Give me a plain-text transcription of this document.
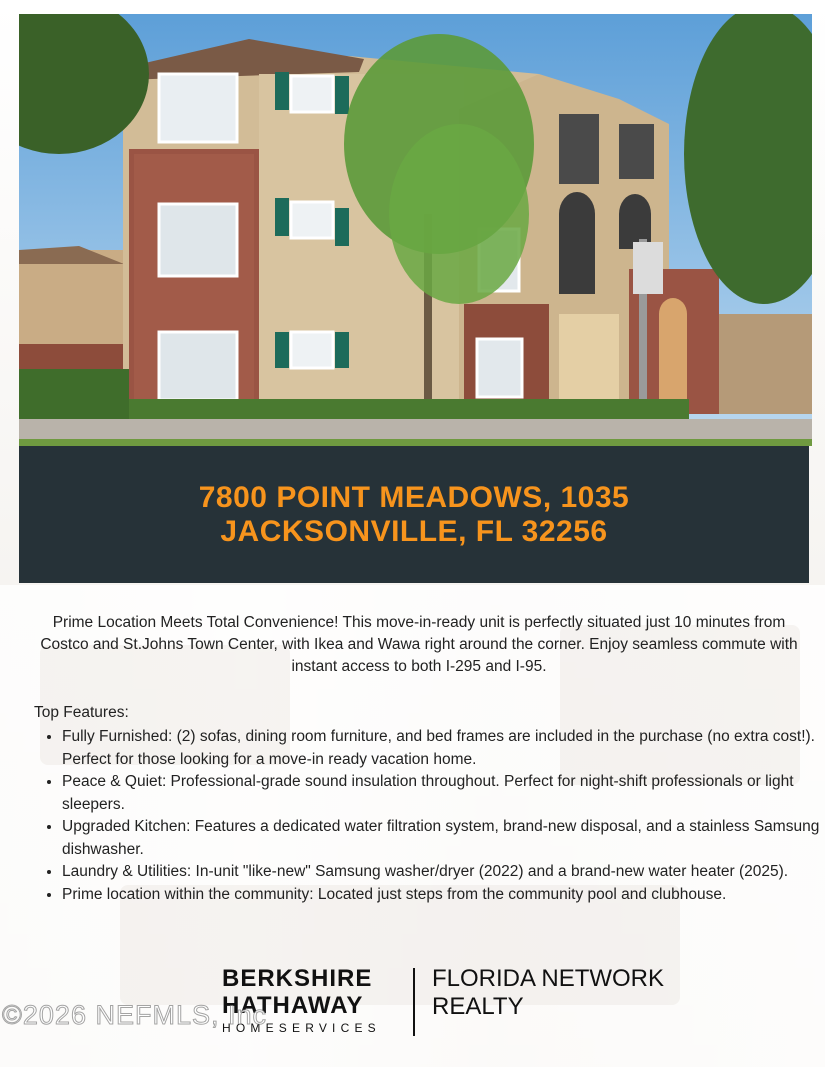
7800 POINT MEADOWS, 1035
JACKSONVILLE, FL 32256
Prime Location Meets Total Convenience! This move-in-ready unit is perfectly situated just 10 minutes from Costco and St.Johns Town Center, with Ikea and Wawa right around the corner. Enjoy seamless commute with instant access to both I-295 and I-95.
Top Features:
• Fully Furnished: (2) sofas, dining room furniture, and bed frames are included in the purchase (no extra cost!). Perfect for those looking for a move-in ready vacation home.
• Peace & Quiet: Professional-grade sound insulation throughout. Perfect for night-shift professionals or light sleepers.
• Upgraded Kitchen: Features a dedicated water filtration system, brand-new disposal, and a stainless Samsung dishwasher.
• Laundry & Utilities: In-unit "like-new" Samsung washer/dryer (2022) and a brand-new water heater (2025).
• Prime location within the community: Located just steps from the community pool and clubhouse.
BERKSHIRE
HATHAWAY
HOMESERVICES
FLORIDA NETWORK
REALTY
©2026 NEFMLS, Inc
